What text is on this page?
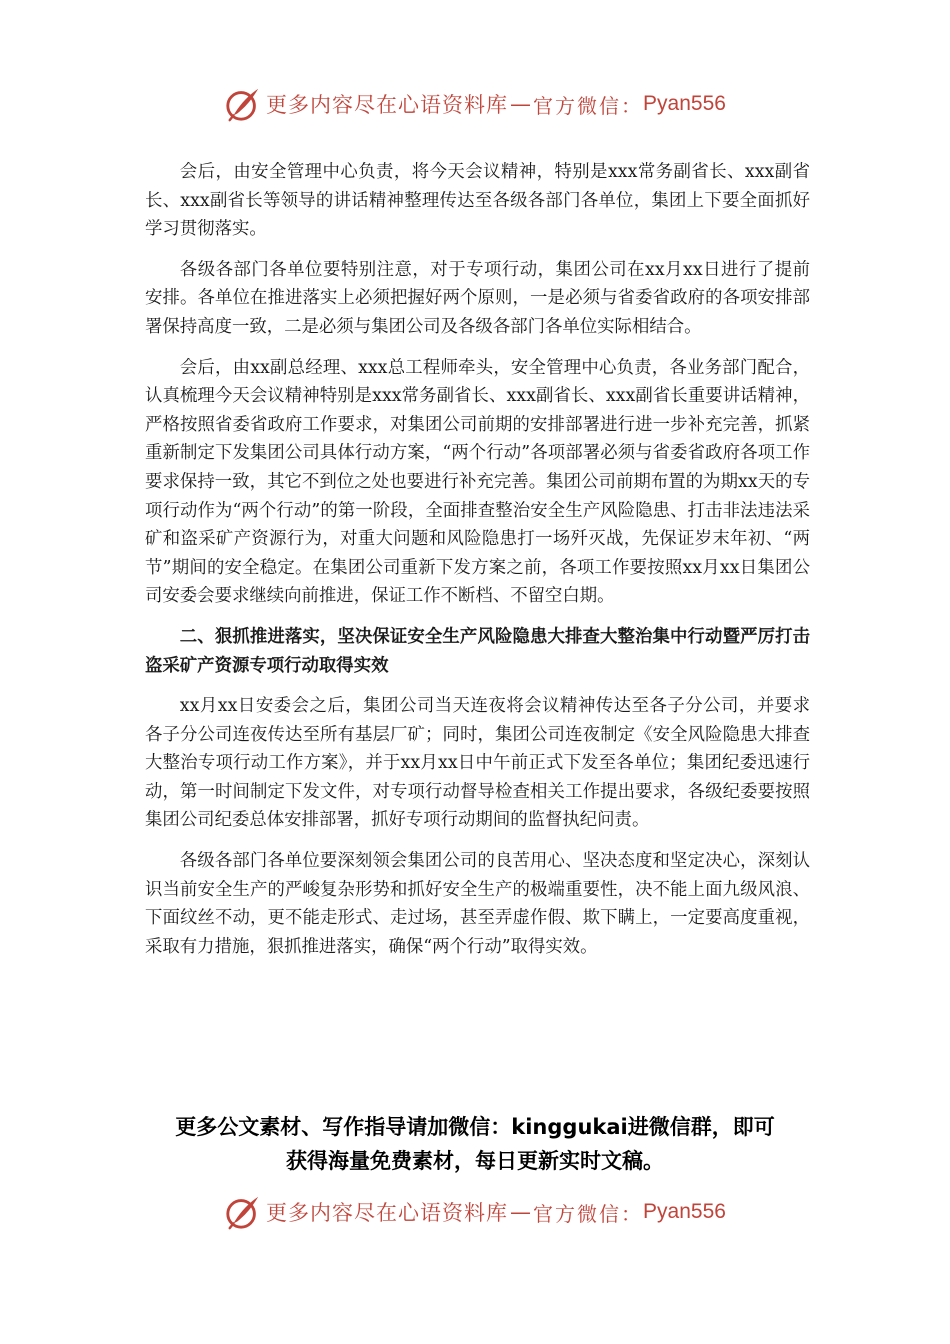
更多内容尽在心语资料库 — 官方微信： Pyan556

会后，由安全管理中心负责，将今天会议精神，特别是xxx常务副省长、xxx副省长、xxx副省长等领导的讲话精神整理传达至各级各部门各单位，集团上下要全面抓好学习贯彻落实。

各级各部门各单位要特别注意，对于专项行动，集团公司在xx月xx日进行了提前安排。各单位在推进落实上必须把握好两个原则，一是必须与省委省政府的各项安排部署保持高度一致，二是必须与集团公司及各级各部门各单位实际相结合。

会后，由xx副总经理、xxx总工程师牵头，安全管理中心负责，各业务部门配合，认真梳理今天会议精神特别是xxx常务副省长、xxx副省长、xxx副省长重要讲话精神，严格按照省委省政府工作要求，对集团公司前期的安排部署进行进一步补充完善，抓紧重新制定下发集团公司具体行动方案，“两个行动”各项部署必须与省委省政府各项工作要求保持一致，其它不到位之处也要进行补充完善。集团公司前期布置的为期xx天的专项行动作为“两个行动”的第一阶段，全面排查整治安全生产风险隐患、打击非法违法采矿和盗采矿产资源行为，对重大问题和风险隐患打一场歼灭战，先保证岁末年初、“两节”期间的安全稳定。在集团公司重新下发方案之前，各项工作要按照xx月xx日集团公司安委会要求继续向前推进，保证工作不断档、不留空白期。

二、狠抓推进落实，坚决保证安全生产风险隐患大排查大整治集中行动暨严厉打击盗采矿产资源专项行动取得实效

xx月xx日安委会之后，集团公司当天连夜将会议精神传达至各子分公司，并要求各子分公司连夜传达至所有基层厂矿；同时，集团公司连夜制定《安全风险隐患大排查大整治专项行动工作方案》，并于xx月xx日中午前正式下发至各单位；集团纪委迅速行动，第一时间制定下发文件，对专项行动督导检查相关工作提出要求，各级纪委要按照集团公司纪委总体安排部署，抓好专项行动期间的监督执纪问责。

各级各部门各单位要深刻领会集团公司的良苦用心、坚决态度和坚定决心，深刻认识当前安全生产的严峻复杂形势和抓好安全生产的极端重要性，决不能上面九级风浪、下面纹丝不动，更不能走形式、走过场，甚至弄虚作假、欺下瞒上，一定要高度重视，采取有力措施，狠抓推进落实，确保“两个行动”取得实效。

更多公文素材、写作指导请加微信：kinggukai进微信群，即可
获得海量免费素材，每日更新实时文稿。
更多内容尽在心语资料库 — 官方微信： Pyan556
